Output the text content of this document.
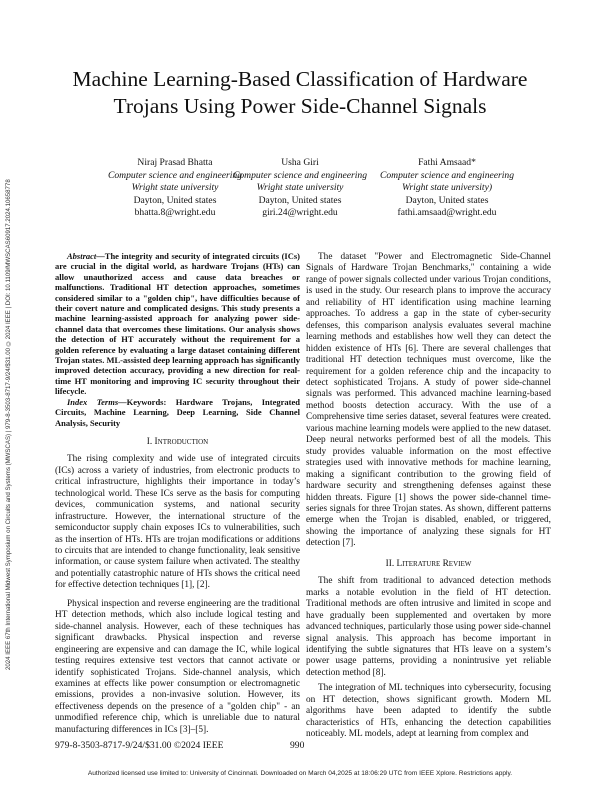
2024 IEEE 67th International Midwest Symposium on Circuits and Systems (MWSCAS) | 979-8-3503-8717-9/24/$31.00 ©2024 IEEE | DOI: 10.1109/MWSCAS60917.2024.10658778
Machine Learning-Based Classification of Hardware Trojans Using Power Side-Channel Signals
Niraj Prasad Bhatta
Computer science and engineering
Wright state university
Dayton, United states
bhatta.8@wright.edu
Usha Giri
Computer science and engineering
Wright state university
Dayton, United states
giri.24@wright.edu
Fathi Amsaad*
Computer science and engineering
Wright state university)
Dayton, United states
fathi.amsaad@wright.edu

Abstract—The integrity and security of integrated circuits (ICs) are crucial in the digital world, as hardware Trojans (HTs) can allow unauthorized access and cause data breaches or malfunctions. Traditional HT detection approaches, sometimes considered similar to a "golden chip", have difficulties because of their covert nature and complicated designs. This study presents a machine learning-assisted approach for analyzing power side-channel data that overcomes these limitations. Our analysis shows the detection of HT accurately without the requirement for a golden reference by evaluating a large dataset containing different Trojan states. ML-assisted deep learning approach has significantly improved detection accuracy, providing a new direction for real-time HT monitoring and improving IC security throughout their lifecycle.

Index Terms—Keywords: Hardware Trojans, Integrated Circuits, Machine Learning, Deep Learning, Side Channel Analysis, Security

I. Introduction

The rising complexity and wide use of integrated circuits (ICs) across a variety of industries, from electronic products to critical infrastructure, highlights their importance in today’s technological world. These ICs serve as the basis for computing devices, communication systems, and national security infrastructure. However, the international structure of the semiconductor supply chain exposes ICs to vulnerabilities, such as the insertion of HTs. HTs are trojan modifications or additions to circuits that are intended to change functionality, leak sensitive information, or cause system failure when activated. The stealthy and potentially catastrophic nature of HTs shows the critical need for effective detection techniques [1], [2].

Physical inspection and reverse engineering are the traditional HT detection methods, which also include logical testing and side-channel analysis. However, each of these techniques has significant drawbacks. Physical inspection and reverse engineering are expensive and can damage the IC, while logical testing requires extensive test vectors that cannot activate or identify sophisticated Trojans. Side-channel analysis, which examines at effects like power consumption or electromagnetic emissions, provides a non-invasive solution. However, its effectiveness depends on the presence of a "golden chip" - an unmodified reference chip, which is unreliable due to natural manufacturing differences in ICs [3]–[5].

The dataset "Power and Electromagnetic Side-Channel Signals of Hardware Trojan Benchmarks," containing a wide range of power signals collected under various Trojan conditions, is used in the study. Our research plans to improve the accuracy and reliability of HT identification using machine learning approaches. To address a gap in the state of cyber-security defenses, this comparison analysis evaluates several machine learning methods and establishes how well they can detect the hidden existence of HTs [6]. There are several challenges that traditional HT detection techniques must overcome, like the requirement for a golden reference chip and the incapacity to detect sophisticated Trojans. A study of power side-channel signals was performed. This advanced machine learning-based method boosts detection accuracy. With the use of a Comprehensive time series dataset, several features were created. various machine learning models were applied to the new dataset. Deep neural networks performed best of all the models. This study provides valuable information on the most effective strategies used with innovative methods for machine learning, making a significant contribution to the growing field of hardware security and strengthening defenses against these hidden threats. Figure [1] shows the power side-channel time-series signals for three Trojan states. As shown, different patterns emerge when the Trojan is disabled, enabled, or triggered, showing the importance of analyzing these signals for HT detection [7].

II. Literature Review

The shift from traditional to advanced detection methods marks a notable evolution in the field of HT detection. Traditional methods are often intrusive and limited in scope and have gradually been supplemented and overtaken by more advanced techniques, particularly those using power side-channel signal analysis. This approach has become important in identifying the subtle signatures that HTs leave on a system’s power usage patterns, providing a nonintrusive yet reliable detection method [8].

The integration of ML techniques into cybersecurity, focusing on HT detection, shows significant growth. Modern ML algorithms have been adapted to identify the subtle characteristics of HTs, enhancing the detection capabilities noticeably. ML models, adept at learning from complex and

979-8-3503-8717-9/24/$31.00 ©2024 IEEE	990
Authorized licensed use limited to: University of Cincinnati. Downloaded on March 04,2025 at 18:06:29 UTC from IEEE Xplore. Restrictions apply.
